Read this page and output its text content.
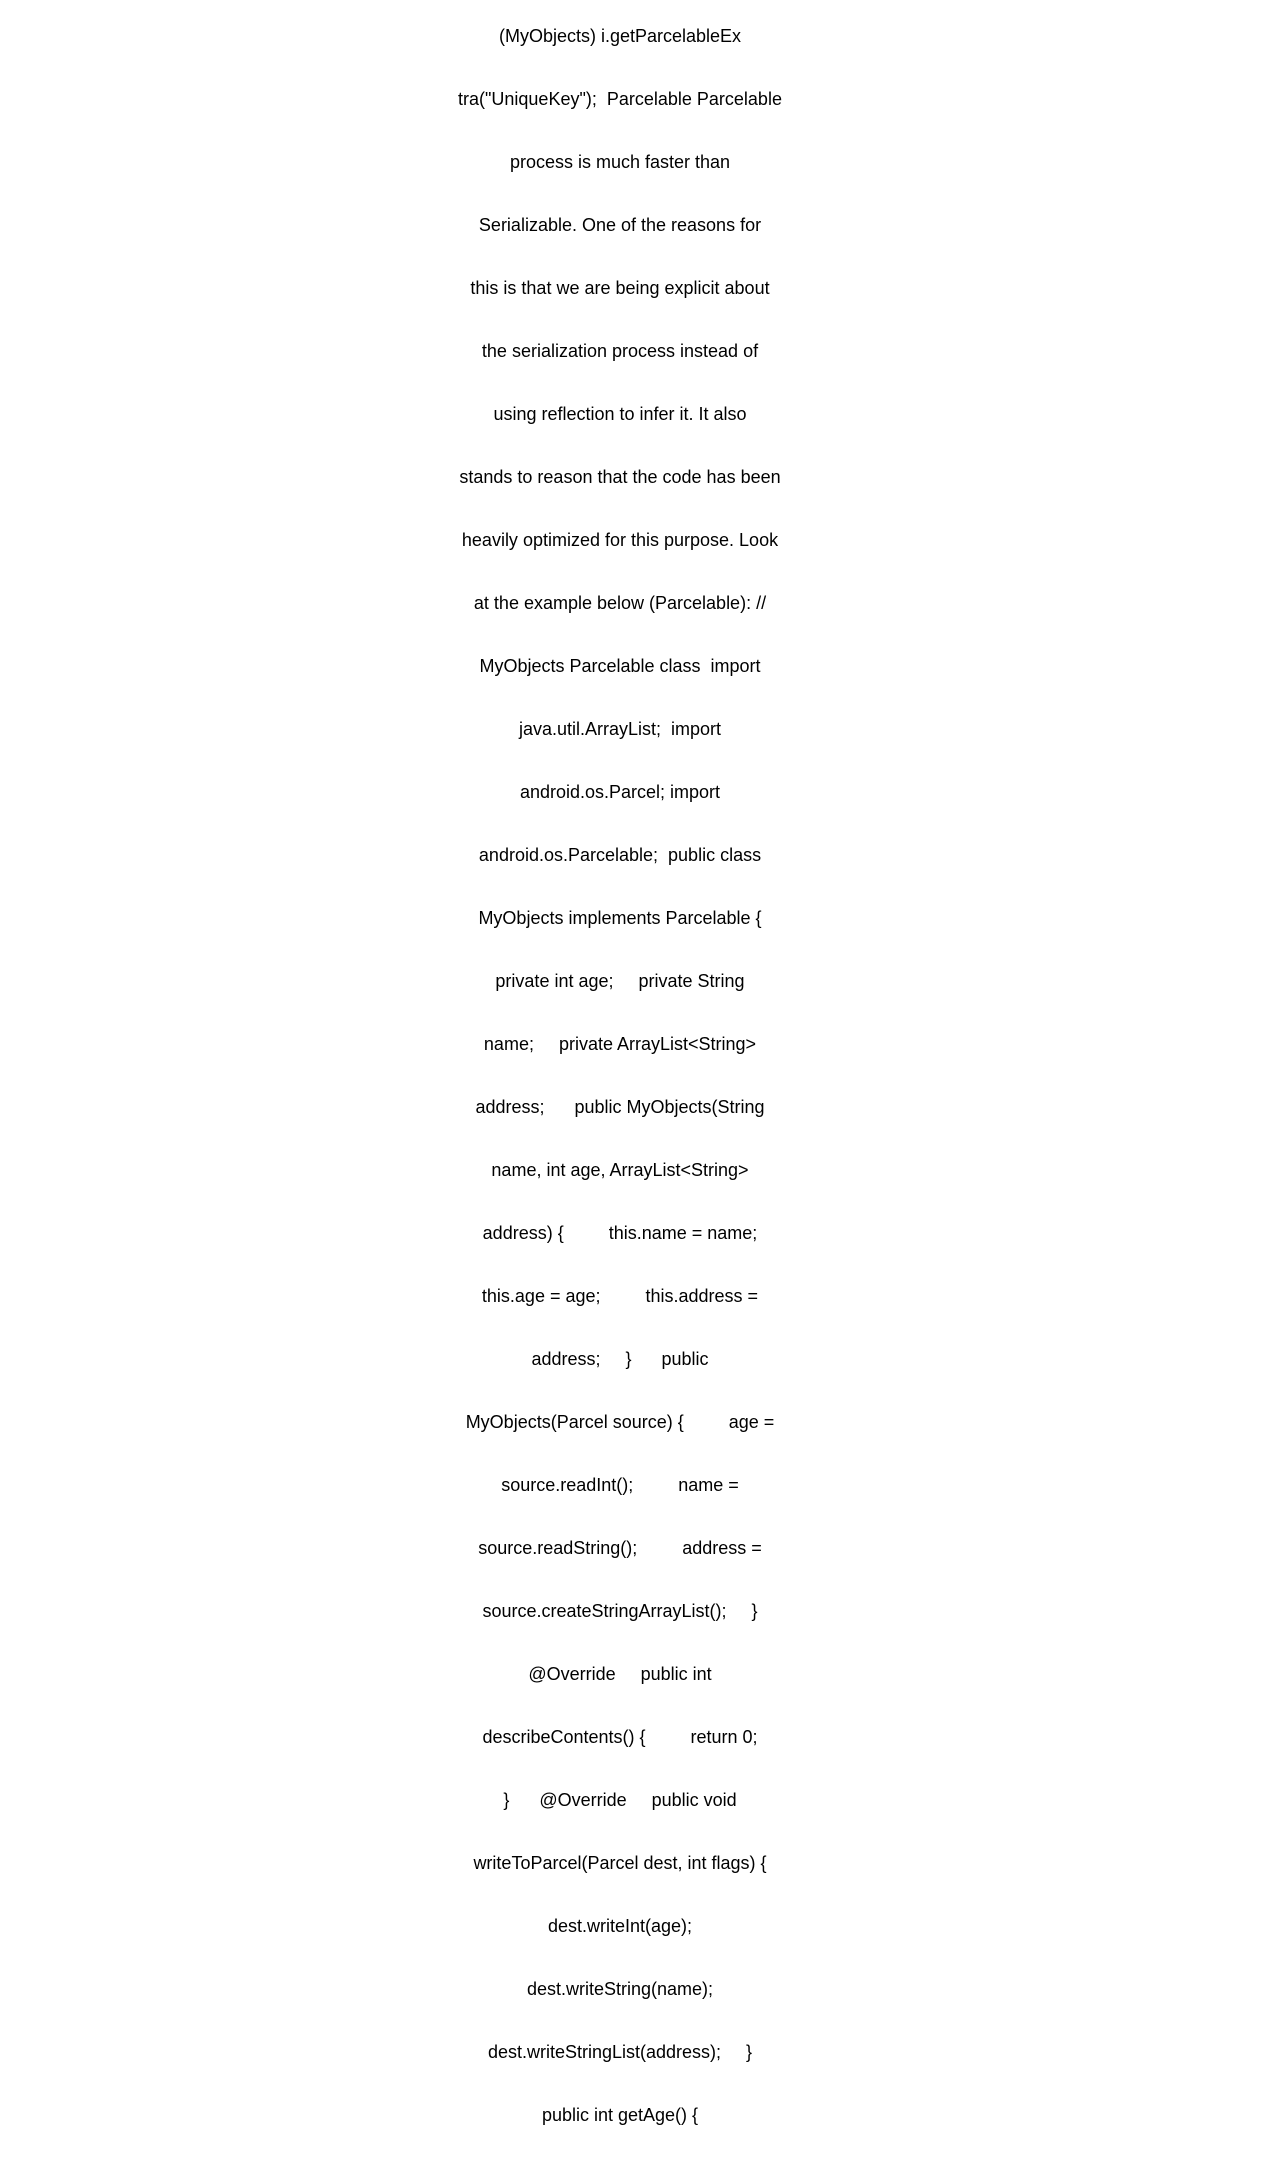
(MyObjects) i.getParcelableEx

tra("UniqueKey");  Parcelable Parcelable

process is much faster than

Serializable. One of the reasons for

this is that we are being explicit about

the serialization process instead of

using reflection to infer it. It also

stands to reason that the code has been

heavily optimized for this purpose. Look

at the example below (Parcelable): //

MyObjects Parcelable class  import

java.util.ArrayList;  import

android.os.Parcel; import

android.os.Parcelable;  public class

MyObjects implements Parcelable {

private int age;     private String

name;     private ArrayList<String>

address;      public MyObjects(String

name, int age, ArrayList<String>

address) {         this.name = name;

this.age = age;         this.address =

address;     }      public

MyObjects(Parcel source) {         age =

source.readInt();         name =

source.readString();         address =

source.createStringArrayList();     }

@Override     public int

describeContents() {         return 0;

}      @Override     public void

writeToParcel(Parcel dest, int flags) {

dest.writeInt(age);

dest.writeString(name);

dest.writeStringList(address);     }

public int getAge() {
